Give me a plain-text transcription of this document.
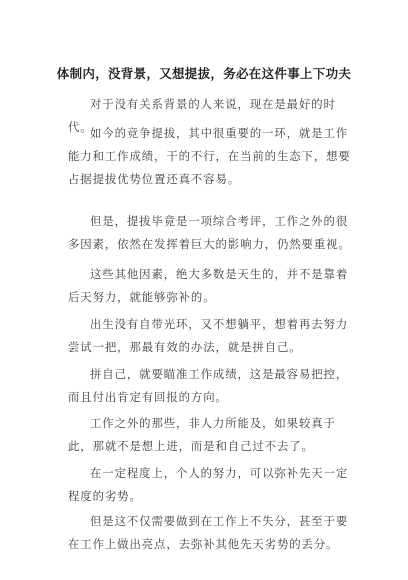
体制内，没背景，又想提拔，务必在这件事上下功夫
对于没有关系背景的人来说，现在是最好的时代。
如今的竞争提拔，其中很重要的一环，就是工作能力和工作成绩，干的不行，在当前的生态下，想要占据提拔优势位置还真不容易。
但是，提拔毕竟是一项综合考评，工作之外的很多因素，依然在发挥着巨大的影响力，仍然要重视。
这些其他因素，绝大多数是天生的，并不是靠着后天努力，就能够弥补的。
出生没有自带光环，又不想躺平，想着再去努力尝试一把，那最有效的办法，就是拼自己。
拼自己，就要瞄准工作成绩，这是最容易把控，而且付出肯定有回报的方向。
工作之外的那些，非人力所能及，如果较真于此，那就不是想上进，而是和自己过不去了。
在一定程度上，个人的努力，可以弥补先天一定程度的劣势。
但是这不仅需要做到在工作上不失分，甚至于要在工作上做出亮点，去弥补其他先天劣势的丢分。
